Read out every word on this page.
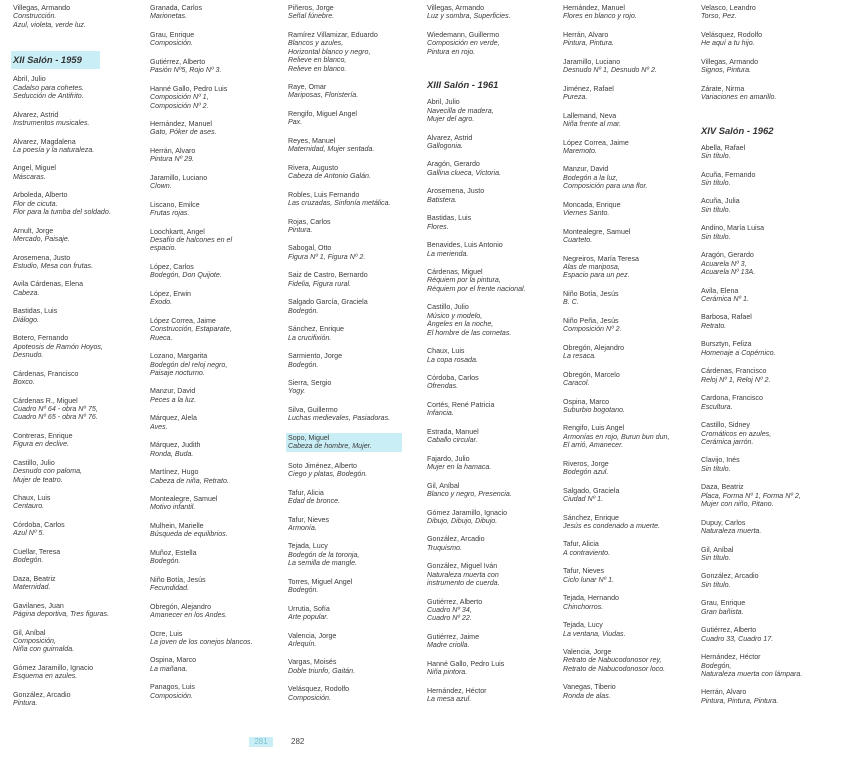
Villegas, Armando
Construcción.
Azul, violeta, verde luz.
XII Salón - 1959
Abril, Julio
Cadalso para cohetes.
Seducción de Antifrito.
Alvarez, Astrid
Instrumentos musicales.
Alvarez, Magdalena
La poesía y la naturaleza.
Angel, Miguel
Máscaras.
Arboleda, Alberto
Flor de cicuta.
Flor para la tumba del soldado.
Arnult, Jorge
Mercado, Paisaje.
Arosemena, Justo
Estudio, Mesa con frutas.
Avila Cárdenas, Elena
Cabeza.
Bastidas, Luis
Diálogo.
Botero, Fernando
Apoteosis de Ramón Hoyos,
Desnudo.
Cárdenas, Francisco
Boxco.
Cárdenas R., Miguel
Cuadro Nº 64 - obra Nº 75,
Cuadro Nº 65 - obra Nº 76.
Contreras, Enrique
Figura en declive.
Castillo, Julio
Desnudo con paloma,
Mujer de teatro.
Chaux, Luis
Centauro.
Córdoba, Carlos
Azul Nº 5.
Cuellar, Teresa
Bodegón.
Daza, Beatriz
Maternidad.
Gavilanes, Juan
Página deportiva, Tres figuras.
Gil, Aníbal
Composición,
Niña con guirnalda.
Gómez Jaramillo, Ignacio
Esquema en azules.
González, Arcadio
Pintura.
Granada, Carlos
Marionetas.
Grau, Enrique
Composición.
Gutiérrez, Alberto
Pasión Nº5, Rojo Nº 3.
Hanné Gallo, Pedro Luis
Composición Nº 1,
Composición Nº 2.
Hernández, Manuel
Gato, Póker de ases.
Herrán, Alvaro
Pintura Nº 29.
Jaramillo, Luciano
Clown.
Liscano, Emilce
Frutas rojas.
Loochkartt, Angel
Desafío de halcones en el
espacio.
López, Carlos
Bodegón, Don Quijote.
López, Erwin
Éxodo.
López Correa, Jaime
Construcción, Estaparate,
Ruecа.
Lozano, Margarita
Bodegón del reloj negro,
Paisaje nocturno.
Manzur, David
Peces a la luz.
Márquez, Alela
Aves.
Márquez, Judith
Ronda, Buda.
Martínez, Hugo
Cabeza de niña, Retrato.
Montealegre, Samuel
Motivo infantil.
Mulhein, Marielle
Búsqueda de equilibrios.
Muñoz, Estella
Bodegón.
Niño Botía, Jesús
Fecundidad.
Obregón, Alejandro
Amanecer en los Andes.
Ocre, Luis
La joven de los conejos blancos.
Ospina, Marco
La mañana.
Panagos, Luis
Composición.
Piñeros, Jorge
Señal fúnebre.
Ramírez Villamizar, Eduardo
Blancos y azules,
Horizontal blanco y negro,
Relieve en blanco,
Relieve en blanco.
Raye, Omar
Mariposas, Floristería.
Rengifo, Miguel Angel
Pax.
Reyes, Manuel
Maternidad, Mujer sentada.
Rivera, Augusto
Cabeza de Antonio Galán.
Robles, Luis Fernando
Las cruzadas, Sinfonía metálica.
Rojas, Carlos
Pintura.
Sabogal, Otto
Figura Nº 1, Figura Nº 2.
Saiz de Castro, Bernardo
Fidelia, Figura rural.
Salgado García, Graciela
Bodegón.
Sánchez, Enrique
La crucifixión.
Sarmiento, Jorge
Bodegón.
Sierra, Sergio
Yogy.
Silva, Guillermo
Luchas medievales, Pasiadoras.
Sopo, Miguel
Cabeza de hombre, Mujer.
Soto Jiménez, Alberto
Ciego y platas, Bodegón.
Tafur, Alicia
Edad de bronce.
Tafur, Nieves
Armonía.
Tejada, Lucy
Bodegón de la toronja,
La semilla de mangle.
Torres, Miguel Angel
Bodegón.
Urrutia, Sofía
Arte popular.
Valencia, Jorge
Arlequín.
Vargas, Moisés
Doble triunfo, Gaitán.
Velásquez, Rodolfo
Composición.
Villegas, Armando
Luz y sombra, Superficies.
Wiedemann, Guillermo
Composición en verde,
Pintura en rojo.
XIII Salón - 1961
Abril, Julio
Navecilla de madera,
Mujer del agro.
Alvarez, Astrid
Gallogonia.
Aragón, Gerardo
Gallina clueca, Victoria.
Arosemena, Justo
Batistera.
Bastidas, Luis
Flores.
Benavides, Luis Antonio
La merienda.
Cárdenas, Miguel
Réquiem por la pintura,
Réquiem por el frente nacional.
Castillo, Julio
Músico y modelo,
Ángeles en la noche,
El hombre de las cornetas.
Chaux, Luis
La copa rosada.
Córdoba, Carlos
Ofrendas.
Cortés, René Patricia
Infancia.
Estrada, Manuel
Caballo circular.
Fajardo, Julio
Mujer en la hamaca.
Gil, Aníbal
Blanco y negro, Presencia.
Gómez Jaramillo, Ignacio
Dibujo, Dibujo, Dibujo.
González, Arcadio
Truquismo.
González, Miguel Iván
Naturaleza muerta con
instrumento de cuerda.
Gutiérrez, Alberto
Cuadro Nº 34,
Cuadro Nº 22.
Gutiérrez, Jaime
Madre criolla.
Hanné Gallo, Pedro Luis
Niña pintora.
Hernández, Héctor
La mesa azul.
Hernández, Manuel
Flores en blanco y rojo.
Herrán, Alvaro
Pintura, Pintura.
Jaramillo, Luciano
Desnudo Nº 1, Desnudo Nº 2.
Jiménez, Rafael
Pureza.
Lallemand, Neva
Niña frente al mar.
López Correa, Jaime
Maremoto.
Manzur, David
Bodegón a la luz,
Composición para una flor.
Moncada, Enrique
Viernes Santo.
Montealegre, Samuel
Cuarteto.
Negreiros, María Teresa
Alas de mariposa,
Espacio para un pez.
Niño Botía, Jesús
B. C.
Niño Peña, Jesús
Composición Nº 2.
Obregón, Alejandro
La resaca.
Obregón, Marcelo
Caracol.
Ospina, Marco
Suburbio bogotano.
Rengifo, Luis Angel
Armonías en rojo, Burun bun dun,
El arrió, Amanecer.
Riveros, Jorge
Bodegón azul.
Salgado, Graciela
Ciudad Nº 1.
Sánchez, Enrique
Jesús es condenado a muerte.
Tafur, Alicia
A contraviento.
Tafur, Nieves
Ciclo lunar Nº 1.
Tejada, Hernando
Chinchorros.
Tejada, Lucy
La ventana, Viudas.
Valencia, Jorge
Retrato de Nabucodonosor rey,
Retrato de Nabucodonosor loco.
Vanegas, Tiberio
Ronda de alas.
Velasco, Leandro
Torso, Pez.
Velásquez, Rodolfo
He aquí a tu hijo.
Villegas, Armando
Signos, Pintura.
Zárate, Nirma
Variaciones en amarillo.
XIV Salón - 1962
Abella, Rafael
Sin título.
Acuña, Fernando
Sin título.
Acuña, Julia
Sin título.
Andino, María Luisa
Sin título.
Aragón, Gerardo
Acuarela Nº 3,
Acuarela Nº 13A.
Avila, Elena
Cerámica Nº 1.
Barbosa, Rafael
Retrato.
Bursztyn, Feliza
Homenaje a Copérnico.
Cárdenas, Francisco
Reloj Nº 1, Reloj Nº 2.
Cardona, Francisco
Escultura.
Castillo, Sidney
Cromáticos en azules,
Cerámica jarrón.
Clavijo, Inés
Sin título.
Daza, Beatriz
Placa, Forma Nº 1, Forma Nº 2,
Mujer con niño, Pitano.
Dupuy, Carlos
Naturaleza muerta.
Gil, Aníbal
Sin título.
González, Arcadio
Sin título.
Grau, Enrique
Gran bañista.
Gutiérrez, Alberto
Cuadro 33, Cuadro 17.
Hernández, Héctor
Bodegón,
Naturaleza muerta con lámpara.
Herrán, Alvaro
Pintura, Pintura, Pintura.
281	282
